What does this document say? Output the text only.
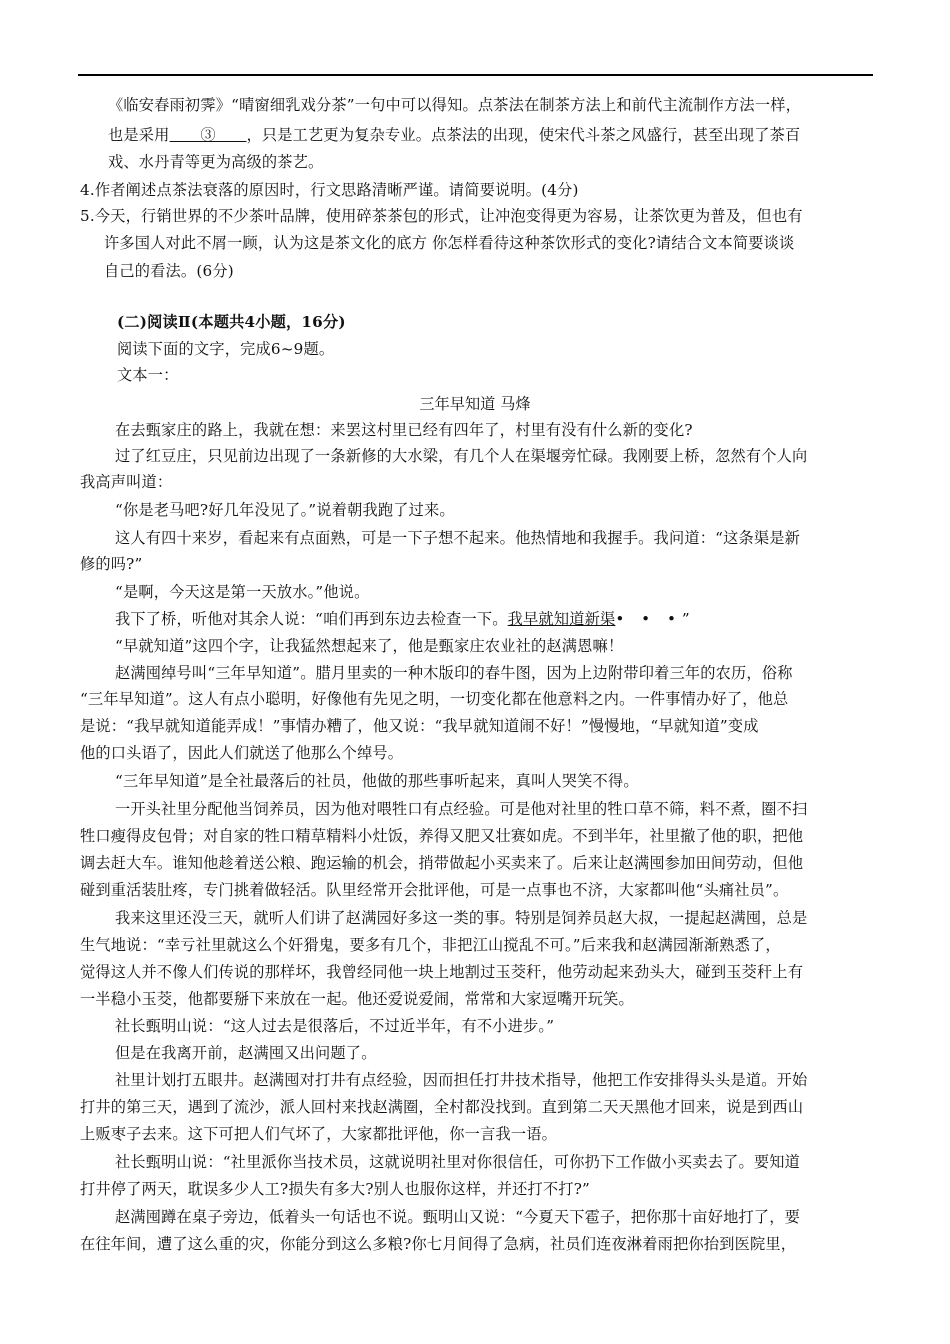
《临安春雨初霁》“晴窗细乳戏分茶”一句中可以得知。点茶法在制茶方法上和前代主流制作方法一样，
也是采用　　③　　，只是工艺更为复杂专业。点茶法的出现，使宋代斗茶之风盛行，甚至出现了茶百
戏、水丹青等更为高级的茶艺。
4.作者阐述点茶法衰落的原因时，行文思路清晰严谨。请简要说明。(4分)
5.今天，行销世界的不少茶叶品牌，使用碎茶茶包的形式，让冲泡变得更为容易，让茶饮更为普及，但也有
许多国人对此不屑一顾，认为这是茶文化的底方 你怎样看待这种茶饮形式的变化?请结合文本简要谈谈
自己的看法。(6分)
(二)阅读Ⅱ(本题共4小题，16分)
阅读下面的文字，完成6~9题。
文本一：
三年早知道 马烽
在去甄家庄的路上，我就在想：来罢这村里已经有四年了，村里有没有什么新的变化?
过了红豆庄，只见前边出现了一条新修的大水梁，有几个人在渠堰旁忙碌。我刚要上桥，忽然有个人向
我高声叫道：
“你是老马吧?好几年没见了。”说着朝我跑了过来。
这人有四十来岁，看起来有点面熟，可是一下子想不起来。他热情地和我握手。我问道：“这条渠是新
修的吗?”
“是啊，今天这是第一天放水。”他说。
我下了桥，听他对其余人说：“咱们再到东边去检查一下。我早就知道新渠• • •”
“早就知道”这四个字，让我猛然想起来了，他是甄家庄农业社的赵满恩嘛！
赵满囤绰号叫“三年早知道”。腊月里卖的一种木版印的春牛图，因为上边附带印着三年的农历，俗称
“三年早知道”。这人有点小聪明，好像他有先见之明，一切变化都在他意料之内。一件事情办好了，他总
是说：“我早就知道能弄成！”事情办糟了，他又说：“我早就知道闹不好！”慢慢地，“早就知道”变成
他的口头语了，因此人们就送了他那么个绰号。
“三年早知道”是全社最落后的社员，他做的那些事听起来，真叫人哭笑不得。
一开头社里分配他当饲养员，因为他对喂牲口有点经验。可是他对社里的牲口草不筛，料不煮，圈不扫
牲口瘦得皮包骨；对自家的牲口精草精料小灶饭，养得又肥又壮赛如虎。不到半年，社里撤了他的职，把他
调去赶大车。谁知他趁着送公粮、跑运输的机会，捎带做起小买卖来了。后来让赵满囤参加田间劳动，但他
碰到重活装肚疼，专门挑着做轻活。队里经常开会批评他，可是一点事也不济，大家都叫他“头痛社员”。
我来这里还没三天，就听人们讲了赵满园好多这一类的事。特别是饲养员赵大叔，一提起赵满囤，总是
生气地说：“幸亏社里就这么个奸猾鬼，要多有几个，非把江山搅乱不可。”后来我和赵满园渐渐熟悉了，
觉得这人并不像人们传说的那样坏，我曾经同他一块上地割过玉茭秆，他劳动起来劲头大，碰到玉茭秆上有
一半稳小玉茭，他都要掰下来放在一起。他还爱说爱闹，常常和大家逗嘴开玩笑。
社长甄明山说：“这人过去是很落后，不过近半年，有不小进步。”
但是在我离开前，赵满囤又出问题了。
社里计划打五眼井。赵满囤对打井有点经验，因而担任打井技术指导，他把工作安排得头头是道。开始
打井的第三天，遇到了流沙，派人回村来找赵满圈，全村都没找到。直到第二天天黑他才回来，说是到西山
上贩枣子去来。这下可把人们气坏了，大家都批评他，你一言我一语。
社长甄明山说：“社里派你当技术员，这就说明社里对你很信任，可你扔下工作做小买卖去了。要知道
打井停了两天，耽误多少人工?损失有多大?别人也服你这样，并还打不打?”
赵满囤蹲在桌子旁边，低着头一句话也不说。甄明山又说：“今夏天下雹子，把你那十亩好地打了，要
在往年间，遭了这么重的灾，你能分到这么多粮?你七月间得了急病，社员们连夜淋着雨把你抬到医院里，
